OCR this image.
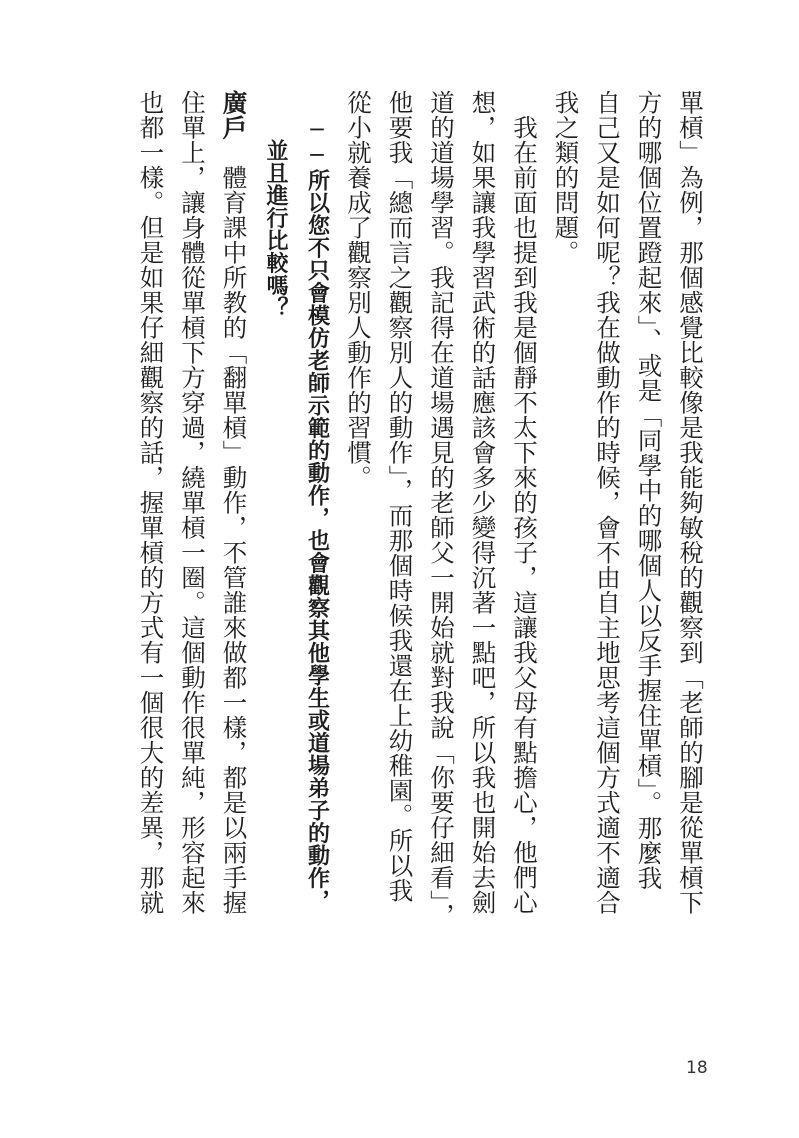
單槓」為例，那個感覺比較像是我能夠敏稅的觀察到「老師的腳是從單槓下
方的哪個位置蹬起來」、或是「同學中的哪個人以反手握住單槓」。那麼我
自己又是如何呢？我在做動作的時候，會不由自主地思考這個方式適不適合
我之類的問題。
　我在前面也提到我是個靜不太下來的孩子，這讓我父母有點擔心，他們心
想，如果讓我學習武術的話應該會多少變得沉著一點吧，所以我也開始去劍
道的道場學習。我記得在道場遇見的老師父一開始就對我說「你要仔細看」，
他要我「總而言之觀察別人的動作」，而那個時候我還在上幼稚園。所以我
從小就養成了觀察別人動作的習慣。
──所以您不只會模仿老師示範的動作，也會觀察其他學生或道場弟子的動作，
並且進行比較嗎？
廣戶　體育課中所教的「翻單槓」動作，不管誰來做都一樣，都是以兩手握
住單上，讓身體從單槓下方穿過，繞單槓一圈。這個動作很單純，形容起來
也都一樣。但是如果仔細觀察的話，握單槓的方式有一個很大的差異，那就
18
